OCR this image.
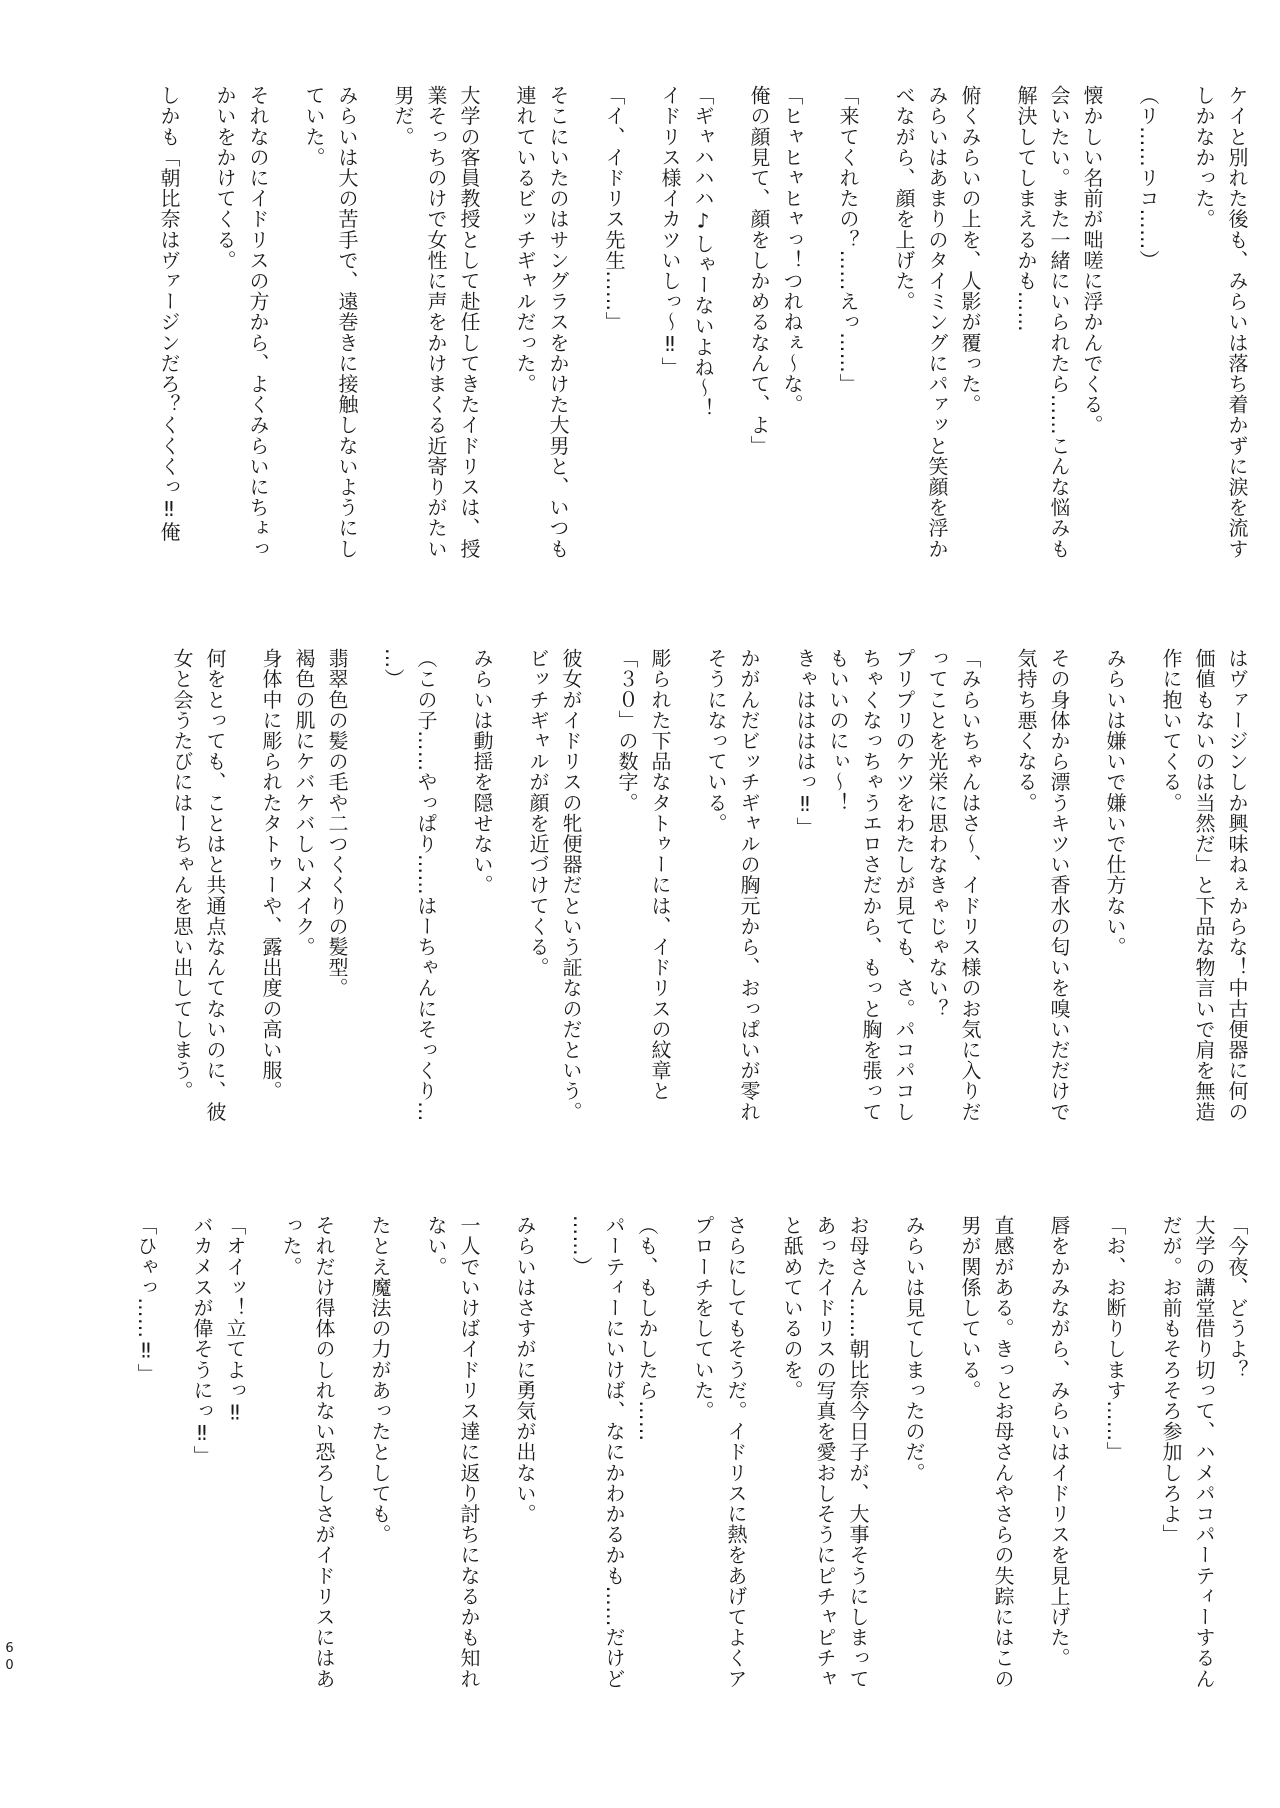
ケイと別れた後も、みらいは落ち着かずに涙を流す
しかなかった。
（リ……リコ……）
懐かしい名前が咄嗟に浮かんでくる。
会いたい。また一緒にいられたら……こんな悩みも
解決してしまえるかも……
俯くみらいの上を、人影が覆った。
みらいはあまりのタイミングにパァッと笑顔を浮か
べながら、顔を上げた。
「来てくれたの？……えっ……」
「ヒャヒャヒャっ！つれねぇ〜な。
俺の顔見て、顔をしかめるなんて、よ」
「ギャハハハ♪しゃーないよね〜！
イドリス様イカツいしっ〜‼」
「イ、イドリス先生……」
そこにいたのはサングラスをかけた大男と、いつも
連れているビッチギャルだった。
大学の客員教授として赴任してきたイドリスは、授
業そっちのけで女性に声をかけまくる近寄りがたい
男だ。
みらいは大の苦手で、遠巻きに接触しないようにし
ていた。
それなのにイドリスの方から、よくみらいにちょっ
かいをかけてくる。
しかも「朝比奈はヴァージンだろ？くくくっ‼俺
はヴァージンしか興味ねぇからな！中古便器に何の
価値もないのは当然だ」と下品な物言いで肩を無造
作に抱いてくる。
みらいは嫌いで嫌いで仕方ない。
その身体から漂うキツい香水の匂いを嗅いだだけで
気持ち悪くなる。
「みらいちゃんはさ〜、イドリス様のお気に入りだ
ってことを光栄に思わなきゃじゃない？
プリプリのケツをわたしが見ても、さ。パコパコし
ちゃくなっちゃうエロさだから、もっと胸を張って
もいいのにぃ〜！
きゃははははっ‼」
かがんだビッチギャルの胸元から、おっぱいが零れ
そうになっている。
彫られた下品なタトゥーには、イドリスの紋章と
「３０」の数字。
彼女がイドリスの牝便器だという証なのだという。
ビッチギャルが顔を近づけてくる。
みらいは動揺を隠せない。
（この子……やっぱり……はーちゃんにそっくり…
…）
翡翠色の髪の毛や二つくくりの髪型。
褐色の肌にケバケバしいメイク。
身体中に彫られたタトゥーや、露出度の高い服。
何をとっても、ことはと共通点なんてないのに、彼
女と会うたびにはーちゃんを思い出してしまう。
「今夜、どうよ？
大学の講堂借り切って、ハメパコパーティーするん
だが。お前もそろそろ参加しろよ」
「お、お断りします……」
唇をかみながら、みらいはイドリスを見上げた。
直感がある。きっとお母さんやさらの失踪にはこの
男が関係している。
みらいは見てしまったのだ。
お母さん……朝比奈今日子が、大事そうにしまって
あったイドリスの写真を愛おしそうにピチャピチャ
と舐めているのを。
さらにしてもそうだ。イドリスに熱をあげてよくア
プローチをしていた。
（も、もしかしたら……
パーティーにいけば、なにかわかるかも……だけど
……）
みらいはさすがに勇気が出ない。
一人でいけばイドリス達に返り討ちになるかも知れ
ない。
たとえ魔法の力があったとしても。
それだけ得体のしれない恐ろしさがイドリスにはあ
った。
「オイッ！立てよっ‼
バカメスが偉そうにっ‼」
「ひゃっ……‼」
60
